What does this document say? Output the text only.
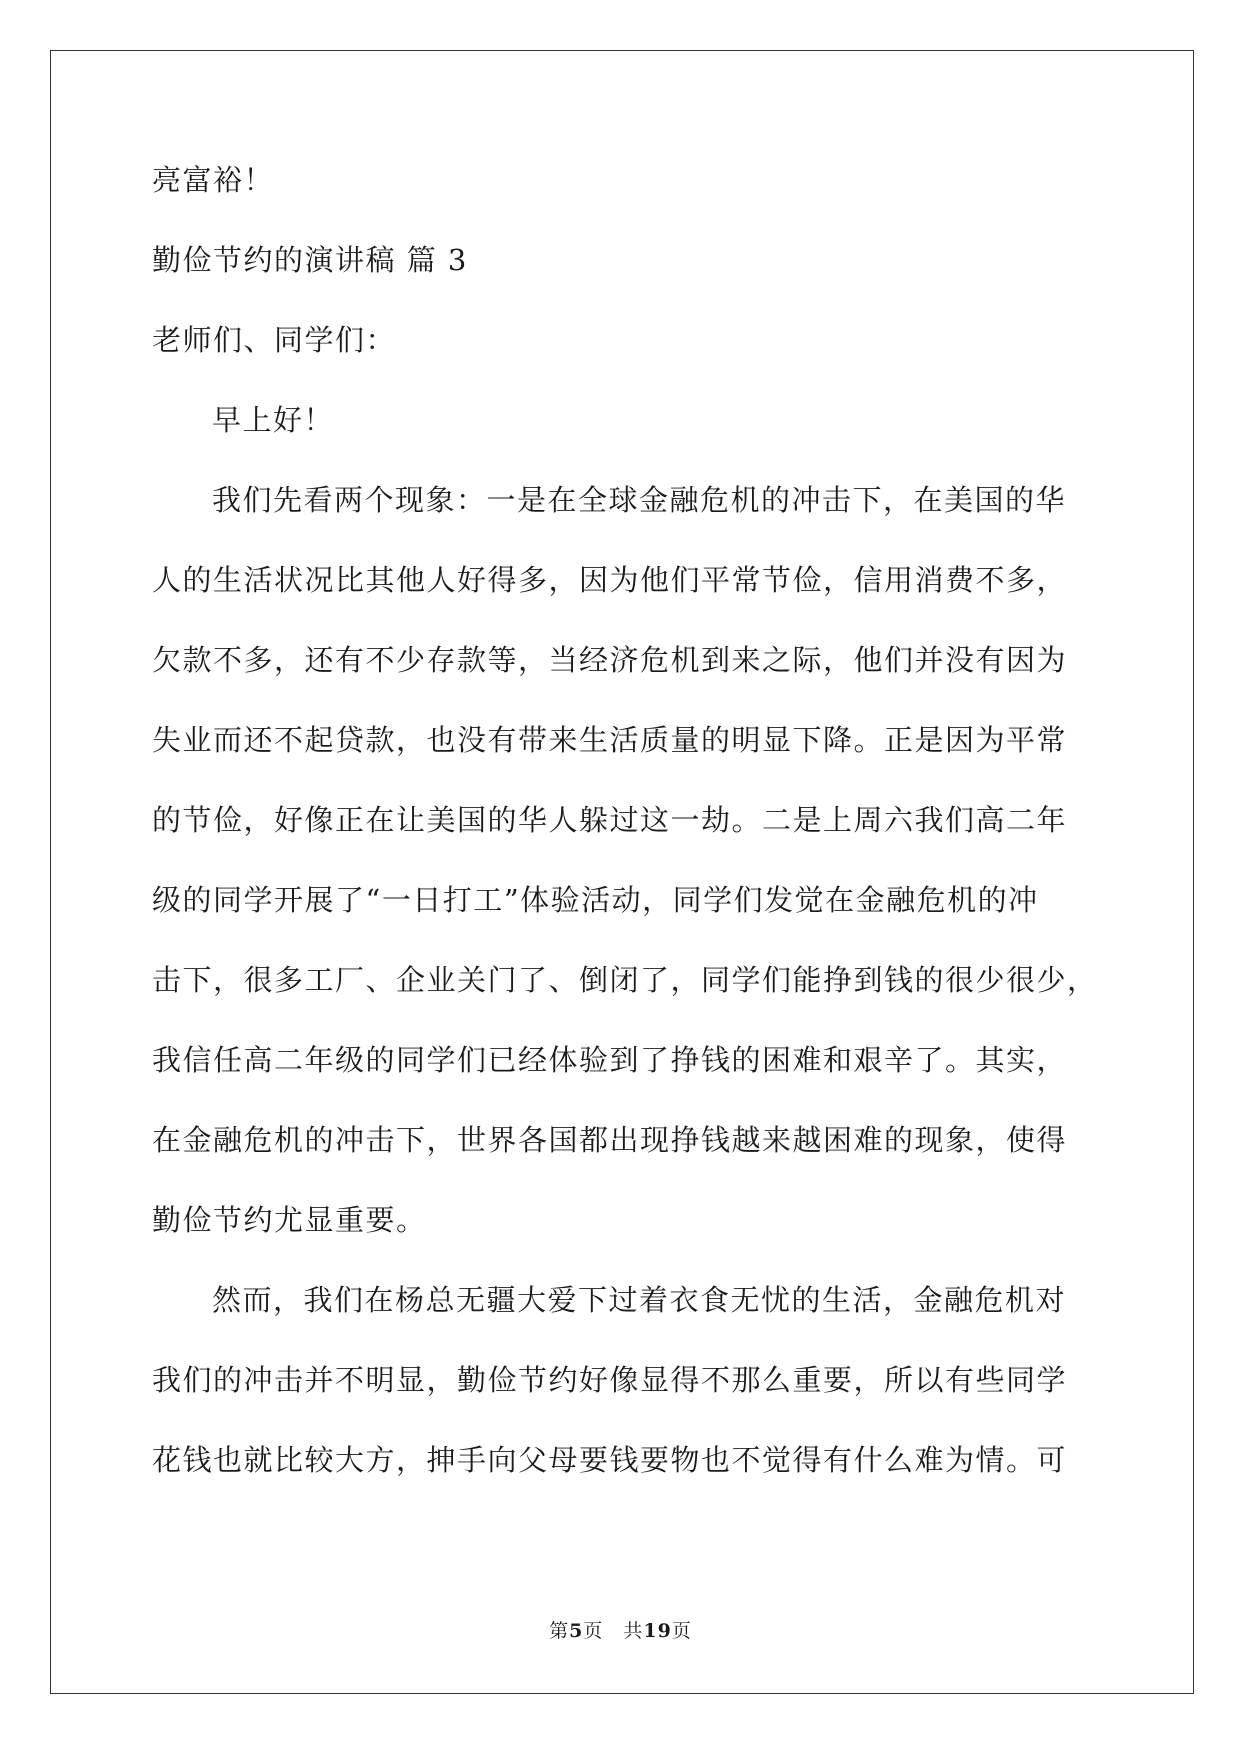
亮富裕！
勤俭节约的演讲稿 篇 3
老师们、同学们：
早上好！
我们先看两个现象：一是在全球金融危机的冲击下，在美国的华
人的生活状况比其他人好得多，因为他们平常节俭，信用消费不多，
欠款不多，还有不少存款等，当经济危机到来之际，他们并没有因为
失业而还不起贷款，也没有带来生活质量的明显下降。正是因为平常
的节俭，好像正在让美国的华人躲过这一劫。二是上周六我们高二年
级的同学开展了“一日打工”体验活动，同学们发觉在金融危机的冲
击下，很多工厂、企业关门了、倒闭了，同学们能挣到钱的很少很少，
我信任高二年级的同学们已经体验到了挣钱的困难和艰辛了。其实，
在金融危机的冲击下，世界各国都出现挣钱越来越困难的现象，使得
勤俭节约尤显重要。
然而，我们在杨总无疆大爱下过着衣食无忧的生活，金融危机对
我们的冲击并不明显，勤俭节约好像显得不那么重要，所以有些同学
花钱也就比较大方，抻手向父母要钱要物也不觉得有什么难为情。可
第5页 共19页
